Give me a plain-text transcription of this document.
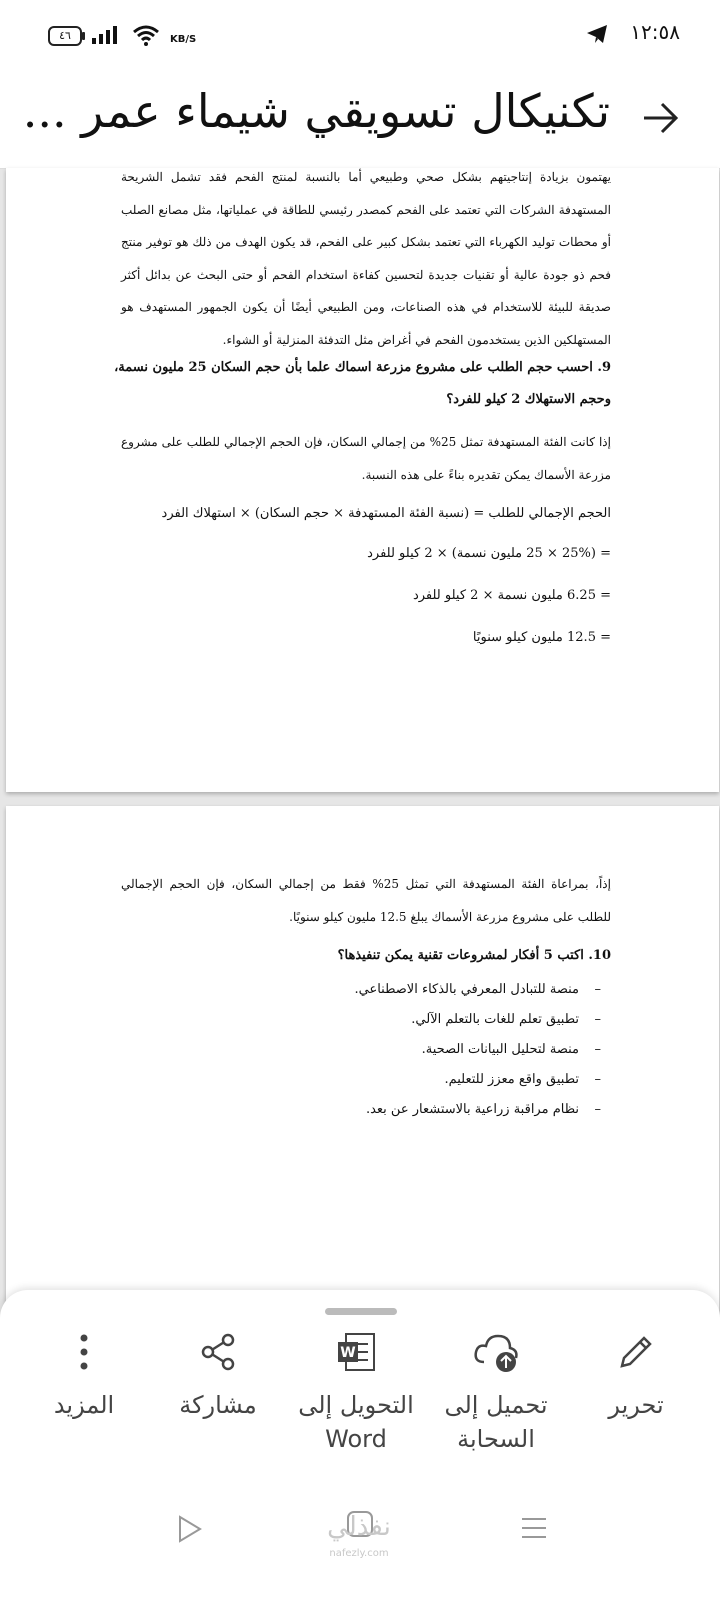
١٢:٥٨
٤٦	KB/S
تكنيكال تسويقي شيماء عمر ...
يهتمون بزيادة إنتاجيتهم بشكل صحي وطبيعي أما بالنسبة لمنتج الفحم فقد تشمل الشريحة المستهدفة الشركات التي تعتمد على الفحم كمصدر رئيسي للطاقة في عملياتها، مثل مصانع الصلب أو محطات توليد الكهرباء التي تعتمد بشكل كبير على الفحم، قد يكون الهدف من ذلك هو توفير منتج فحم ذو جودة عالية أو تقنيات جديدة لتحسين كفاءة استخدام الفحم أو حتى البحث عن بدائل أكثر صديقة للبيئة للاستخدام في هذه الصناعات، ومن الطبيعي أيضًا أن يكون الجمهور المستهدف هو المستهلكين الذين يستخدمون الفحم في أغراض مثل التدفئة المنزلية أو الشواء.
9. احسب حجم الطلب على مشروع مزرعة اسماك علما بأن حجم السكان 25 مليون نسمة، وحجم الاستهلاك 2 كيلو للفرد؟
إذا كانت الفئة المستهدفة تمثل 25% من إجمالي السكان، فإن الحجم الإجمالي للطلب على مشروع مزرعة الأسماك يمكن تقديره بناءً على هذه النسبة.
الحجم الإجمالي للطلب = (نسبة الفئة المستهدفة × حجم السكان) × استهلاك الفرد
= (25% × 25 مليون نسمة) × 2 كيلو للفرد
= 6.25 مليون نسمة × 2 كيلو للفرد
= 12.5 مليون كيلو سنويًا
إذاً، بمراعاة الفئة المستهدفة التي تمثل 25% فقط من إجمالي السكان، فإن الحجم الإجمالي للطلب على مشروع مزرعة الأسماك يبلغ 12.5 مليون كيلو سنويًا.
10. اكتب 5 أفكار لمشروعات تقنية يمكن تنفيذها؟
–منصة للتبادل المعرفي بالذكاء الاصطناعي.
–تطبيق تعلم للغات بالتعلم الآلي.
–منصة لتحليل البيانات الصحية.
–تطبيق واقع معزز للتعليم.
–نظام مراقبة زراعية بالاستشعار عن بعد.
تحرير
تحميل إلى السحابة
W
التحويل إلى Word
مشاركة
المزيد
نفذلي
nafezly.com
